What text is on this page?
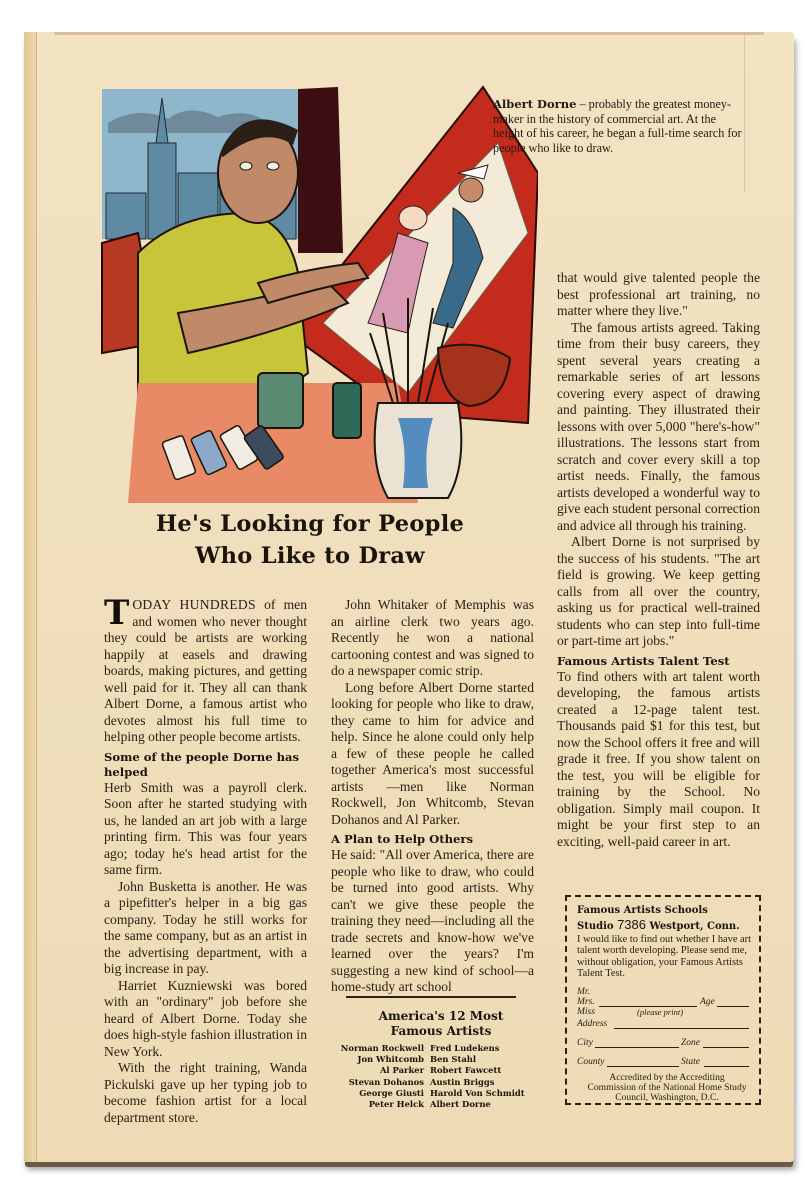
Albert Dorne – probably the greatest money-maker in the history of commercial art. At the height of his career, he began a full-time search for people who like to draw.
He's Looking for People
Who Like to Draw

TODAY HUNDREDS of men and women who never thought they could be artists are working happily at easels and drawing boards, making pictures, and getting well paid for it. They all can thank Albert Dorne, a famous artist who devotes almost his full time to helping other people become artists.

Some of the people Dorne has helped

Herb Smith was a payroll clerk. Soon after he started studying with us, he landed an art job with a large printing firm. This was four years ago; today he's head artist for the same firm.

John Busketta is another. He was a pipefitter's helper in a big gas company. Today he still works for the same company, but as an artist in the advertising department, with a big increase in pay.

Harriet Kuzniewski was bored with an "ordinary" job before she heard of Albert Dorne. Today she does high-style fashion illustration in New York.

With the right training, Wanda Pickulski gave up her typing job to become fashion artist for a local department store.

John Whitaker of Memphis was an airline clerk two years ago. Recently he won a national cartooning contest and was signed to do a newspaper comic strip.

Long before Albert Dorne started looking for people who like to draw, they came to him for advice and help. Since he alone could only help a few of these people he called together America's most successful artists —men like Norman Rockwell, Jon Whitcomb, Stevan Dohanos and Al Parker.

A Plan to Help Others

He said: "All over America, there are people who like to draw, who could be turned into good artists. Why can't we give these people the training they need—including all the trade secrets and know-how we've learned over the years? I'm suggesting a new kind of school—a home-study art school

America's 12 Most
Famous Artists
Norman Rockwell Fred Ludekens
Jon Whitcomb Ben Stahl
Al Parker Robert Fawcett
Stevan Dohanos Austin Briggs
George Giusti Harold Von Schmidt
Peter Helck Albert Dorne

that would give talented people the best professional art training, no matter where they live."

The famous artists agreed. Taking time from their busy careers, they spent several years creating a remarkable series of art lessons covering every aspect of drawing and painting. They illustrated their lessons with over 5,000 "here's-how" illustrations. The lessons start from scratch and cover every skill a top artist needs. Finally, the famous artists developed a wonderful way to give each student personal correction and advice all through his training.

Albert Dorne is not surprised by the success of his students. "The art field is growing. We keep getting calls from all over the country, asking us for practical well-trained students who can step into full-time or part-time art jobs."

Famous Artists Talent Test

To find others with art talent worth developing, the famous artists created a 12-page talent test. Thousands paid $1 for this test, but now the School offers it free and will grade it free. If you show talent on the test, you will be eligible for training by the School. No obligation. Simply mail coupon. It might be your first step to an exciting, well-paid career in art.

Famous Artists Schools
Studio 7386 Westport, Conn.
I would like to find out whether I have art talent worth developing. Please send me, without obligation, your Famous Artists Talent Test.
Mr.
Mrs.	Age
Miss	(please print)
Address
City	Zone
County	State
Accredited by the Accrediting Commission of the National Home Study Council, Washington, D.C.
